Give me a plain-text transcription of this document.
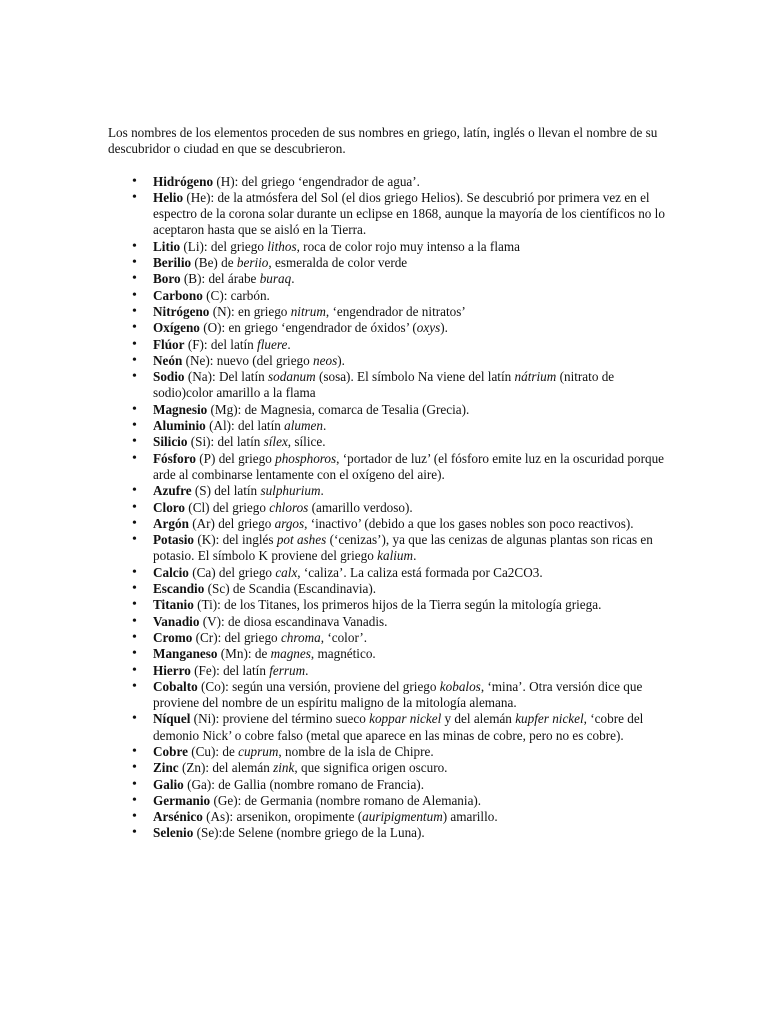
Los nombres de los elementos proceden de sus nombres en griego, latín, inglés o llevan el nombre de su descubridor o ciudad en que se descubrieron.

• Hidrógeno (H): del griego ‘engendrador de agua’.
• Helio (He): de la atmósfera del Sol (el dios griego Helios). Se descubrió por primera vez en el espectro de la corona solar durante un eclipse en 1868, aunque la mayoría de los científicos no lo aceptaron hasta que se aisló en la Tierra.
• Litio (Li): del griego lithos, roca de color rojo muy intenso a la flama
• Berilio (Be) de beriio, esmeralda de color verde
• Boro (B): del árabe buraq.
• Carbono (C): carbón.
• Nitrógeno (N): en griego nitrum, ‘engendrador de nitratos’
• Oxígeno (O): en griego ‘engendrador de óxidos’ (oxys).
• Flúor (F): del latín fluere.
• Neón (Ne): nuevo (del griego neos).
• Sodio (Na): Del latín sodanum (sosa). El símbolo Na viene del latín nátrium (nitrato de sodio)color amarillo a la flama
• Magnesio (Mg): de Magnesia, comarca de Tesalia (Grecia).
• Aluminio (Al): del latín alumen.
• Silicio (Si): del latín sílex, sílice.
• Fósforo (P) del griego phosphoros, ‘portador de luz’ (el fósforo emite luz en la oscuridad porque arde al combinarse lentamente con el oxígeno del aire).
• Azufre (S) del latín sulphurium.
• Cloro (Cl) del griego chloros (amarillo verdoso).
• Argón (Ar) del griego argos, ‘inactivo’ (debido a que los gases nobles son poco reactivos).
• Potasio (K): del inglés pot ashes (‘cenizas’), ya que las cenizas de algunas plantas son ricas en potasio. El símbolo K proviene del griego kalium.
• Calcio (Ca) del griego calx, ‘caliza’. La caliza está formada por Ca2CO3.
• Escandio (Sc) de Scandia (Escandinavia).
• Titanio (Ti): de los Titanes, los primeros hijos de la Tierra según la mitología griega.
• Vanadio (V): de diosa escandinava Vanadis.
• Cromo (Cr): del griego chroma, ‘color’.
• Manganeso (Mn): de magnes, magnético.
• Hierro (Fe): del latín ferrum.
• Cobalto (Co): según una versión, proviene del griego kobalos, ‘mina’. Otra versión dice que proviene del nombre de un espíritu maligno de la mitología alemana.
• Níquel (Ni): proviene del término sueco koppar nickel y del alemán kupfer nickel, ‘cobre del demonio Nick’ o cobre falso (metal que aparece en las minas de cobre, pero no es cobre).
• Cobre (Cu): de cuprum, nombre de la isla de Chipre.
• Zinc (Zn): del alemán zink, que significa origen oscuro.
• Galio (Ga): de Gallia (nombre romano de Francia).
• Germanio (Ge): de Germania (nombre romano de Alemania).
• Arsénico (As): arsenikon, oropimente (auripigmentum) amarillo.
• Selenio (Se):de Selene (nombre griego de la Luna).
